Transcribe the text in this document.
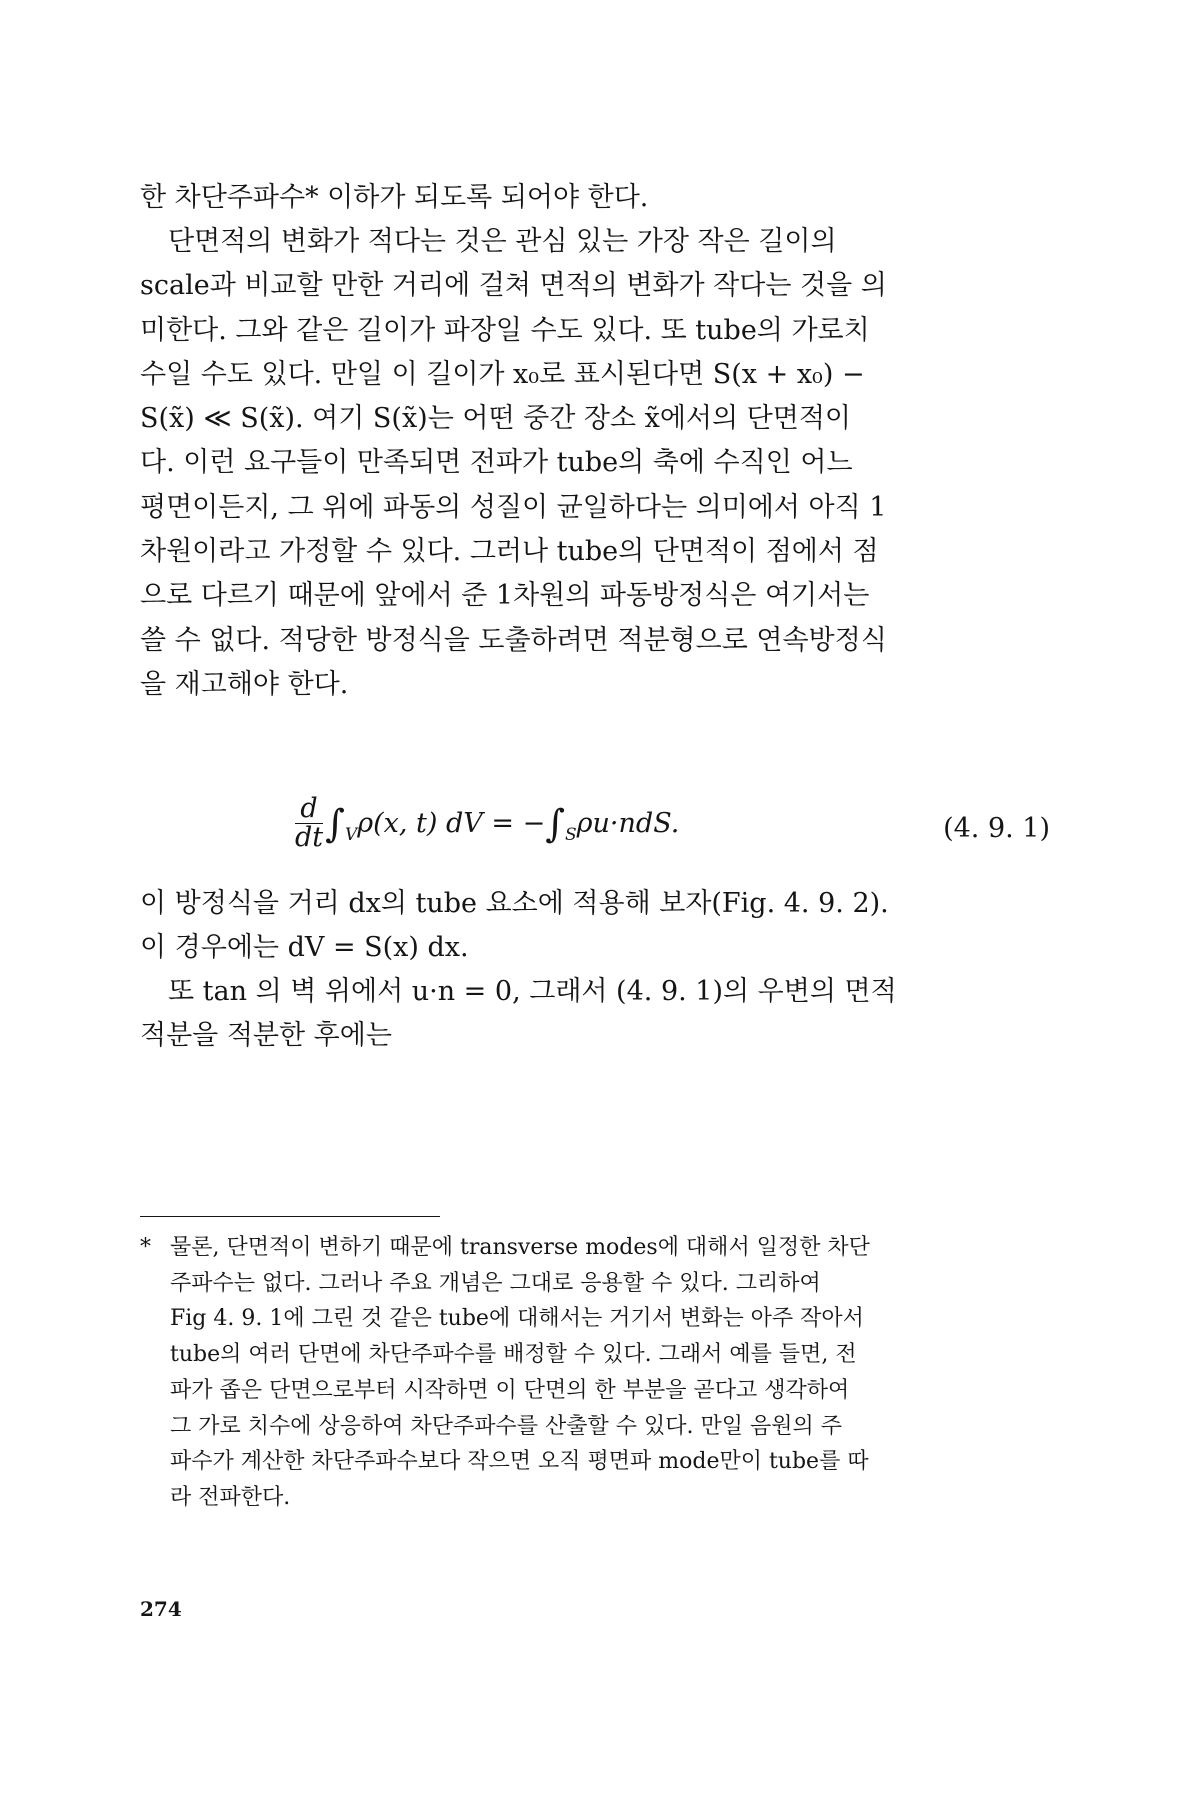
한 차단주파수* 이하가 되도록 되어야 한다.

단면적의 변화가 적다는 것은 관심 있는 가장 작은 길이의
scale과 비교할 만한 거리에 걸쳐 면적의 변화가 작다는 것을 의
미한다. 그와 같은 길이가 파장일 수도 있다. 또 tube의 가로치
수일 수도 있다. 만일 이 길이가 x₀로 표시된다면 S(x + x₀) −
S(x̃) ≪ S(x̃). 여기 S(x̃)는 어떤 중간 장소 x̃에서의 단면적이
다. 이런 요구들이 만족되면 전파가 tube의 축에 수직인 어느
평면이든지, 그 위에 파동의 성질이 균일하다는 의미에서 아직 1
차원이라고 가정할 수 있다. 그러나 tube의 단면적이 점에서 점
으로 다르기 때문에 앞에서 준 1차원의 파동방정식은 여기서는
쓸 수 없다. 적당한 방정식을 도출하려면 적분형으로 연속방정식
을 재고해야 한다.

$\frac{d}{dt} \int_V\rho(x$, t) dV = $-\int_S\rho u\cdot ndS$.	(4. 9. 1)

이 방정식을 거리 dx의 tube 요소에 적용해 보자(Fig. 4. 9. 2).
이 경우에는 dV = S(x) dx.

또 tan 의 벽 위에서 u·n = 0, 그래서 (4. 9. 1)의 우변의 면적
적분을 적분한 후에는

* 물론, 단면적이 변하기 때문에 transverse modes에 대해서 일정한 차단
주파수는 없다. 그러나 주요 개념은 그대로 응용할 수 있다. 그리하여
Fig 4. 9. 1에 그린 것 같은 tube에 대해서는 거기서 변화는 아주 작아서
tube의 여러 단면에 차단주파수를 배정할 수 있다. 그래서 예를 들면, 전
파가 좁은 단면으로부터 시작하면 이 단면의 한 부분을 곧다고 생각하여
그 가로 치수에 상응하여 차단주파수를 산출할 수 있다. 만일 음원의 주
파수가 계산한 차단주파수보다 작으면 오직 평면파 mode만이 tube를 따
라 전파한다.

274
